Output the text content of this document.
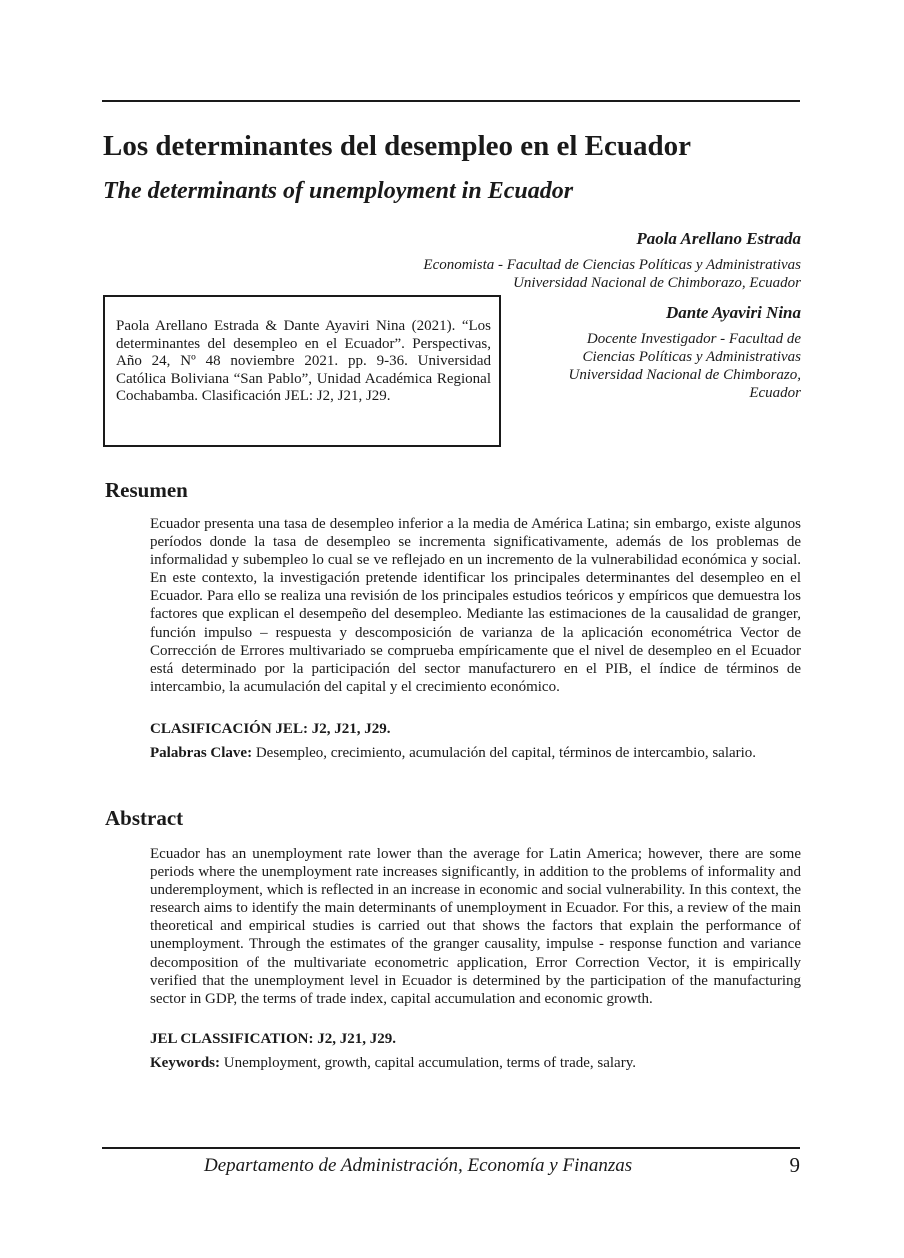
Los determinantes del desempleo en el Ecuador
The determinants of unemployment in Ecuador
Paola Arellano Estrada
Economista - Facultad de Ciencias Políticas y Administrativas
Universidad Nacional de Chimborazo, Ecuador
Dante Ayaviri Nina
Docente Investigador - Facultad de
Ciencias Políticas y Administrativas
Universidad Nacional de Chimborazo,
Ecuador
Paola Arellano Estrada & Dante Ayaviri Nina (2021). “Los determinantes del desempleo en el Ecuador”. Perspectivas, Año 24, Nº 48 noviembre 2021. pp. 9-36. Universidad Católica Boliviana “San Pablo”, Unidad Académica Regional Cochabamba. Clasificación JEL: J2, J21, J29.
Resumen

Ecuador presenta una tasa de desempleo inferior a la media de América Latina; sin embargo, existe algunos períodos donde la tasa de desempleo se incrementa significativamente, además de los problemas de informalidad y subempleo lo cual se ve reflejado en un incremento de la vulnerabilidad económica y social. En este contexto, la investigación pretende identificar los principales determinantes del desempleo en el Ecuador. Para ello se realiza una revisión de los principales estudios teóricos y empíricos que demuestra los factores que explican el desempeño del desempleo. Mediante las estimaciones de la causalidad de granger, función impulso – respuesta y descomposición de varianza de la aplicación econométrica Vector de Corrección de Errores multivariado se comprueba empíricamente que el nivel de desempleo en el Ecuador está determinado por la participación del sector manufacturero en el PIB, el índice de términos de intercambio, la acumulación del capital y el crecimiento económico.

CLASIFICACIÓN JEL: J2, J21, J29.

Palabras Clave: Desempleo, crecimiento, acumulación del capital, términos de intercambio, salario.

Abstract

Ecuador has an unemployment rate lower than the average for Latin America; however, there are some periods where the unemployment rate increases significantly, in addition to the problems of informality and underemployment, which is reflected in an increase in economic and social vulnerability. In this context, the research aims to identify the main determinants of unemployment in Ecuador. For this, a review of the main theoretical and empirical studies is carried out that shows the factors that explain the performance of unemployment. Through the estimates of the granger causality, impulse - response function and variance decomposition of the multivariate econometric application, Error Correction Vector, it is empirically verified that the unemployment level in Ecuador is determined by the participation of the manufacturing sector in GDP, the terms of trade index, capital accumulation and economic growth.

JEL CLASSIFICATION: J2, J21, J29.

Keywords: Unemployment, growth, capital accumulation, terms of trade, salary.

Departamento de Administración, Economía y Finanzas	9
